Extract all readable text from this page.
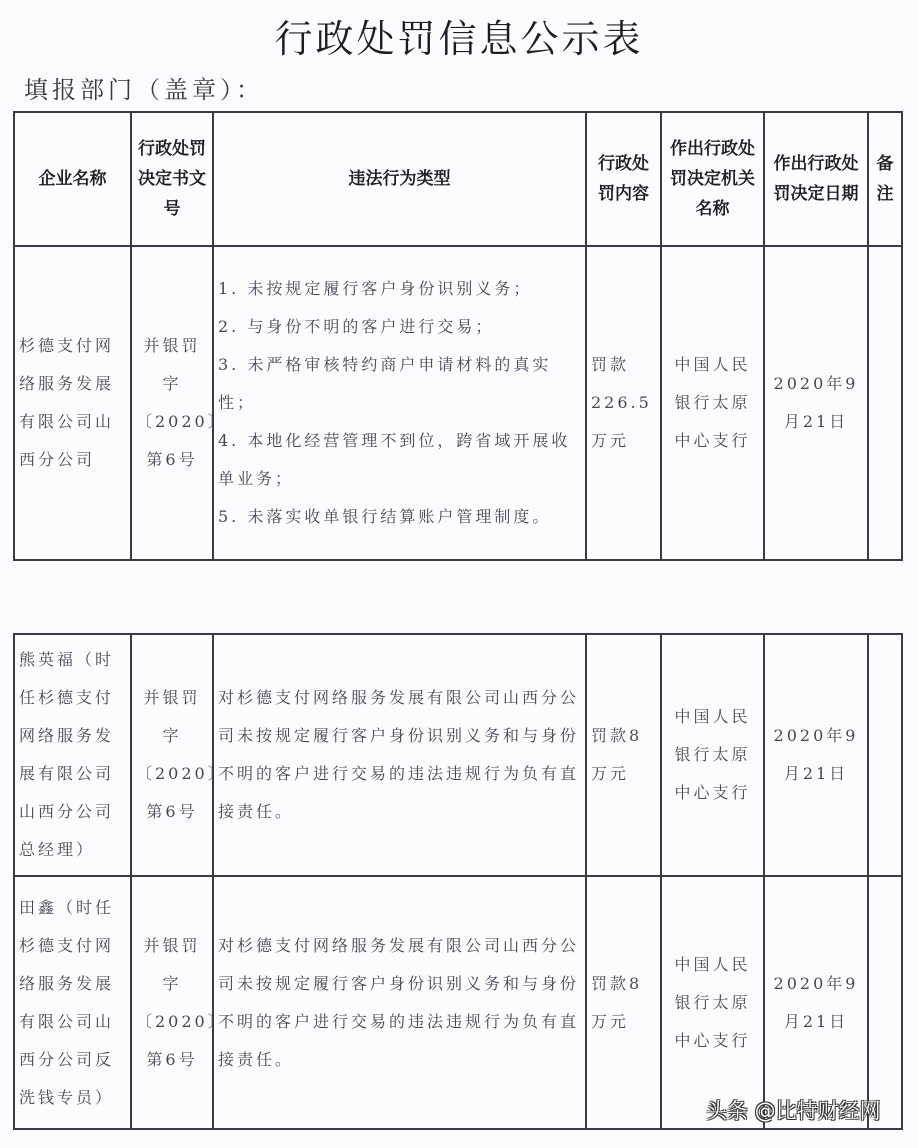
行政处罚信息公示表
填报部门（盖章）：
企业名称	行政处罚决定书文号	违法行为类型	行政处罚内容	作出行政处罚决定机关名称	作出行政处罚决定日期	备注
杉德支付网络服务发展有限公司山西分公司	并银罚字〔2020〕第6号	
1. 未按规定履行客户身份识别义务；
2. 与身份不明的客户进行交易；
3. 未严格审核特约商户申请材料的真实性；
4. 本地化经营管理不到位，跨省域开展收单业务；
5. 未落实收单银行结算账户管理制度。
	罚款226.5万元	中国人民银行太原中心支行	2020年9月21日	
熊英福（时任杉德支付网络服务发展有限公司山西分公司总经理）	并银罚字〔2020〕第6号	对杉德支付网络服务发展有限公司山西分公司未按规定履行客户身份识别义务和与身份不明的客户进行交易的违法违规行为负有直接责任。	罚款8万元	中国人民银行太原中心支行	2020年9月21日	
田鑫（时任杉德支付网络服务发展有限公司山西分公司反洗钱专员）	并银罚字〔2020〕第6号	对杉德支付网络服务发展有限公司山西分公司未按规定履行客户身份识别义务和与身份不明的客户进行交易的违法违规行为负有直接责任。	罚款8万元	中国人民银行太原中心支行	2020年9月21日	
头条 @比特财经网
